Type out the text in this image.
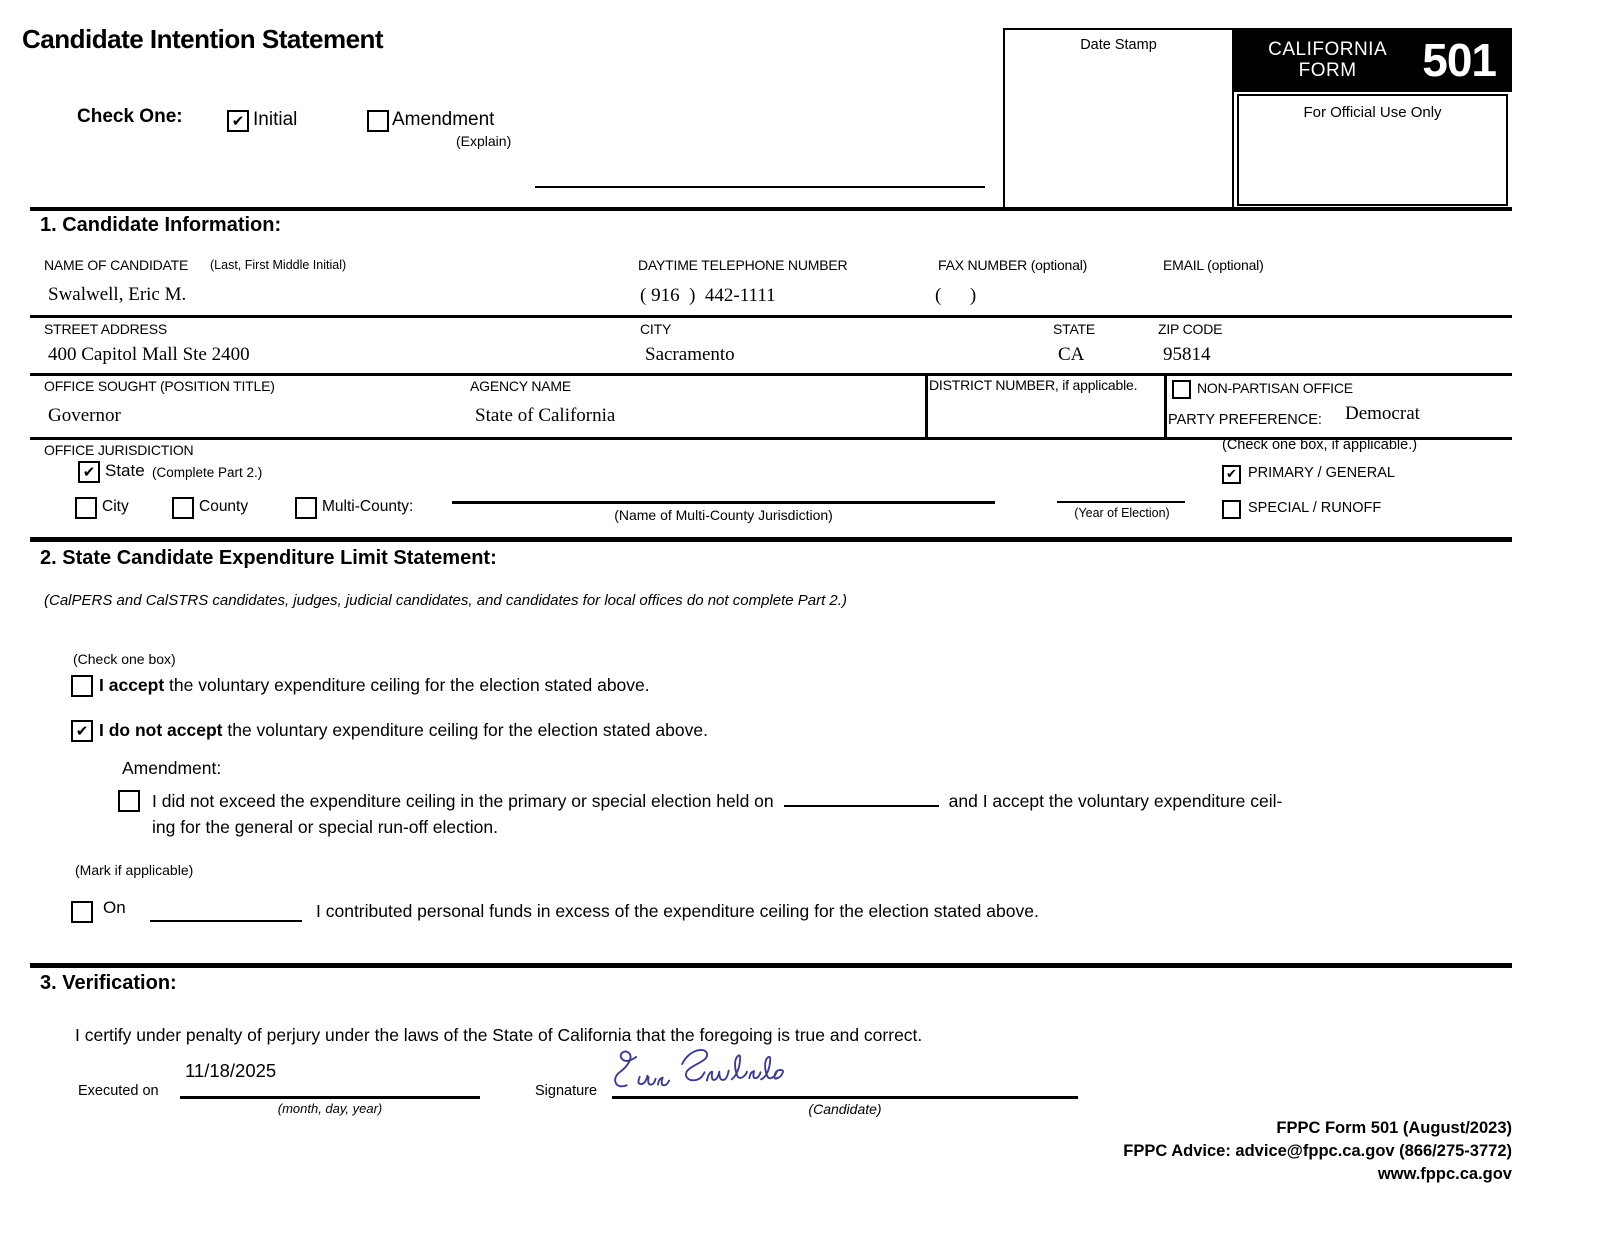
Candidate Intention Statement
Check One:	✔ Initial	Amendment
(Explain)
Date Stamp	CALIFORNIA
FORM	501
For Official Use Only
1. Candidate Information:
NAME OF CANDIDATE (Last, First Middle Initial)	DAYTIME TELEPHONE NUMBER	FAX NUMBER (optional)	EMAIL (optional)
Swalwell, Eric M.	( 916  )  442-1111	(      )
STREET ADDRESS	CITY	STATE	ZIP CODE
400 Capitol Mall Ste 2400	Sacramento	CA	95814
OFFICE SOUGHT (POSITION TITLE)	AGENCY NAME	DISTRICT NUMBER, if applicable.
Governor	State of California
NON-PARTISAN OFFICE
PARTY PREFERENCE: Democrat
OFFICE JURISDICTION
✔ State (Complete Part 2.)
City	County	Multi-County:	(Name of Multi-County Jurisdiction)	(Year of Election)
(Check one box, if applicable.)
✔ PRIMARY / GENERAL
SPECIAL / RUNOFF
2. State Candidate Expenditure Limit Statement:
(CalPERS and CalSTRS candidates, judges, judicial candidates, and candidates for local offices do not complete Part 2.)
(Check one box)
I accept the voluntary expenditure ceiling for the election stated above.
✔ I do not accept the voluntary expenditure ceiling for the election stated above.
Amendment:
I did not exceed the expenditure ceiling in the primary or special election held on	and I accept the voluntary expenditure ceil-
ing for the general or special run-off election.
(Mark if applicable)
On	I contributed personal funds in excess of the expenditure ceiling for the election stated above.
3. Verification:
I certify under penalty of perjury under the laws of the State of California that the foregoing is true and correct.
Executed on
11/18/2025
(month, day, year)
Signature
(Candidate)
FPPC Form 501 (August/2023)
FPPC Advice: advice@fppc.ca.gov (866/275-3772)
www.fppc.ca.gov
